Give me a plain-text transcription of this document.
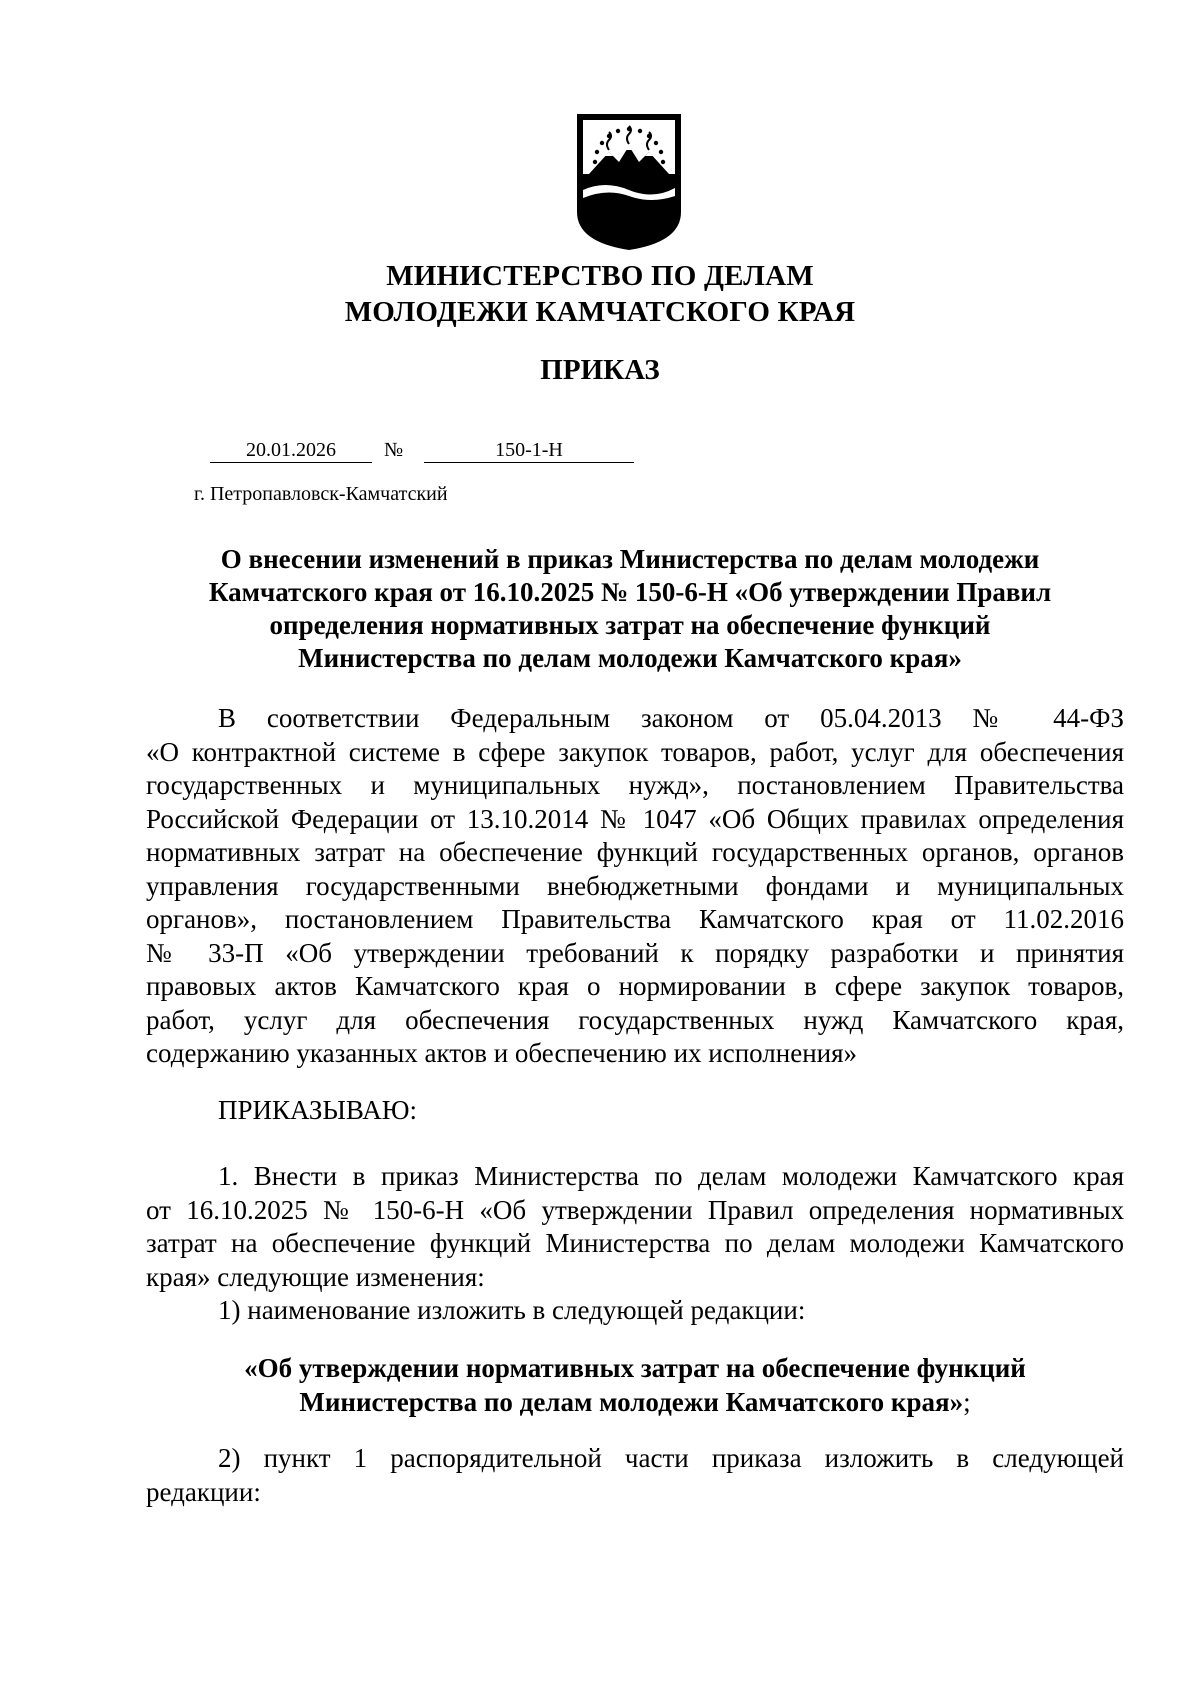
МИНИСТЕРСТВО ПО ДЕЛАМ
МОЛОДЕЖИ КАМЧАТСКОГО КРАЯ
ПРИКАЗ
20.01.2026	№	150-1-Н
г. Петропавловск-Камчатский
О внесении изменений в приказ Министерства по делам молодежи
Камчатского края от 16.10.2025 № 150-6-Н «Об утверждении Правил
определения нормативных затрат на обеспечение функций
Министерства по делам молодежи Камчатского края»
В соответствии Федеральным законом от 05.04.2013 № 44-ФЗ
«О контрактной системе в сфере закупок товаров, работ, услуг для обеспечения
государственных и муниципальных нужд», постановлением Правительства
Российской Федерации от 13.10.2014 № 1047 «Об Общих правилах определения
нормативных затрат на обеспечение функций государственных органов, органов
управления государственными внебюджетными фондами и муниципальных
органов», постановлением Правительства Камчатского края от 11.02.2016
№ 33-П «Об утверждении требований к порядку разработки и принятия
правовых актов Камчатского края о нормировании в сфере закупок товаров,
работ, услуг для обеспечения государственных нужд Камчатского края,
содержанию указанных актов и обеспечению их исполнения»
ПРИКАЗЫВАЮ:
1. Внести в приказ Министерства по делам молодежи Камчатского края
от 16.10.2025 № 150-6-Н «Об утверждении Правил определения нормативных
затрат на обеспечение функций Министерства по делам молодежи Камчатского
края» следующие изменения:
1) наименование изложить в следующей редакции:
«Об утверждении нормативных затрат на обеспечение функций
Министерства по делам молодежи Камчатского края»;
2) пункт 1 распорядительной части приказа изложить в следующей
редакции:
